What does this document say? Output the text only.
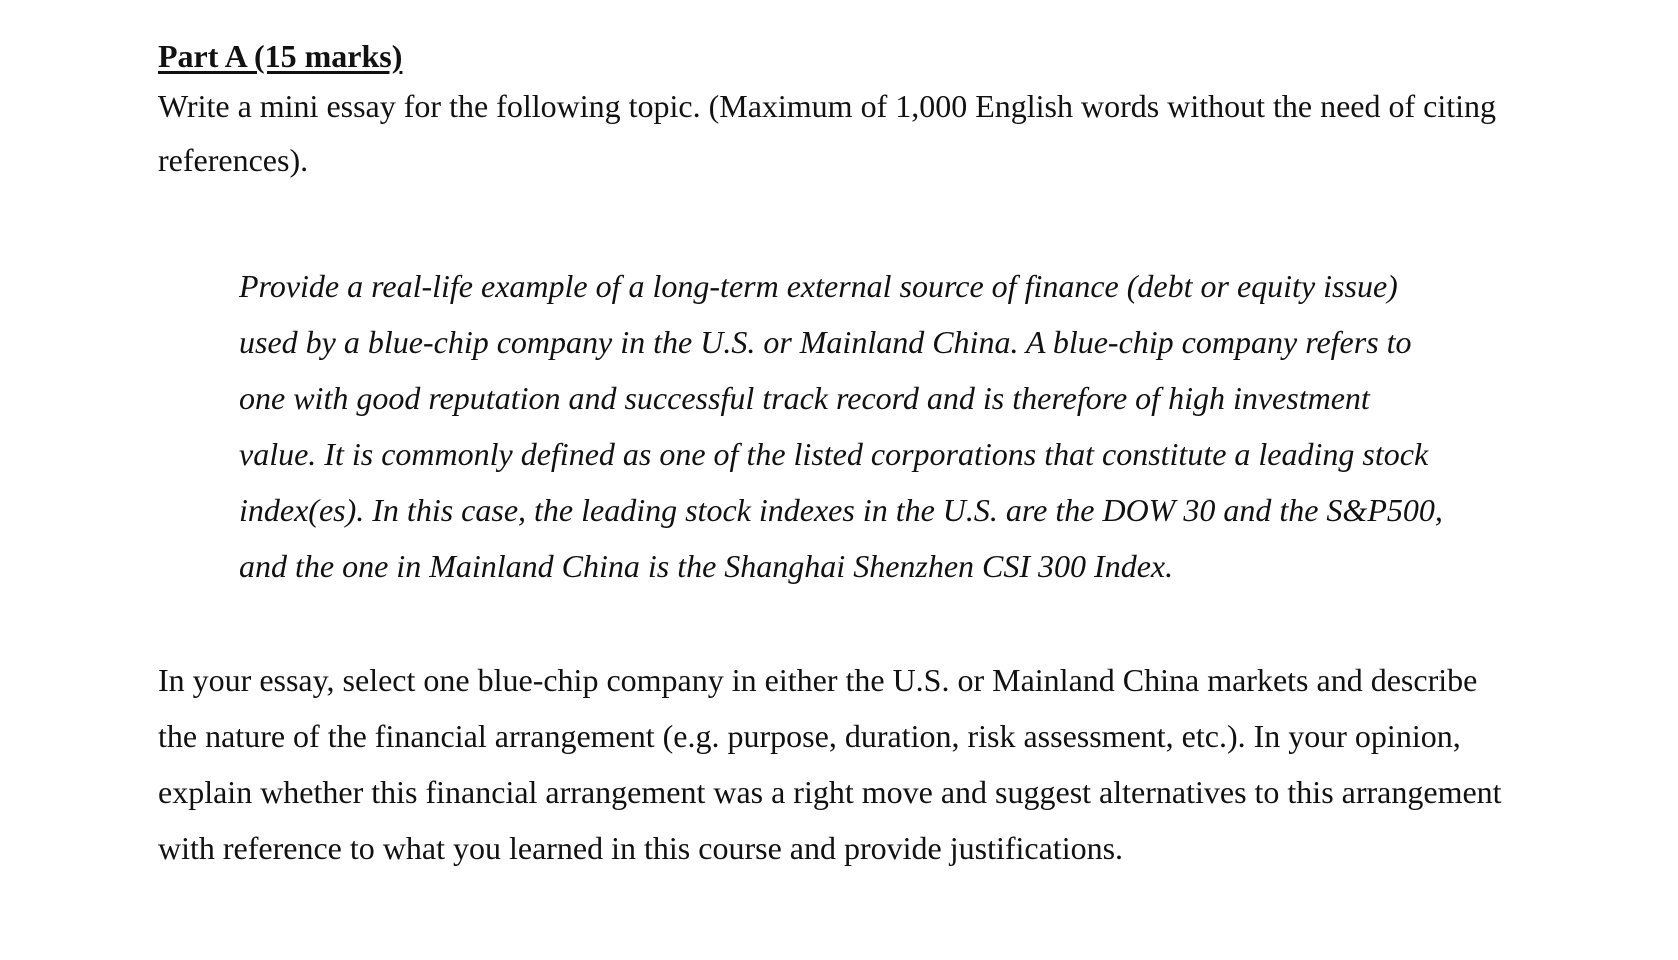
Part A (15 marks)

Write a mini essay for the following topic. (Maximum of 1,000 English words without the need of citing

references).

Provide a real-life example of a long-term external source of finance (debt or equity issue)

used by a blue-chip company in the U.S. or Mainland China. A blue-chip company refers to

one with good reputation and successful track record and is therefore of high investment

value. It is commonly defined as one of the listed corporations that constitute a leading stock

index(es). In this case, the leading stock indexes in the U.S. are the DOW 30 and the S&P500,

and the one in Mainland China is the Shanghai Shenzhen CSI 300 Index.

In your essay, select one blue-chip company in either the U.S. or Mainland China markets and describe

the nature of the financial arrangement (e.g. purpose, duration, risk assessment, etc.). In your opinion,

explain whether this financial arrangement was a right move and suggest alternatives to this arrangement

with reference to what you learned in this course and provide justifications.
